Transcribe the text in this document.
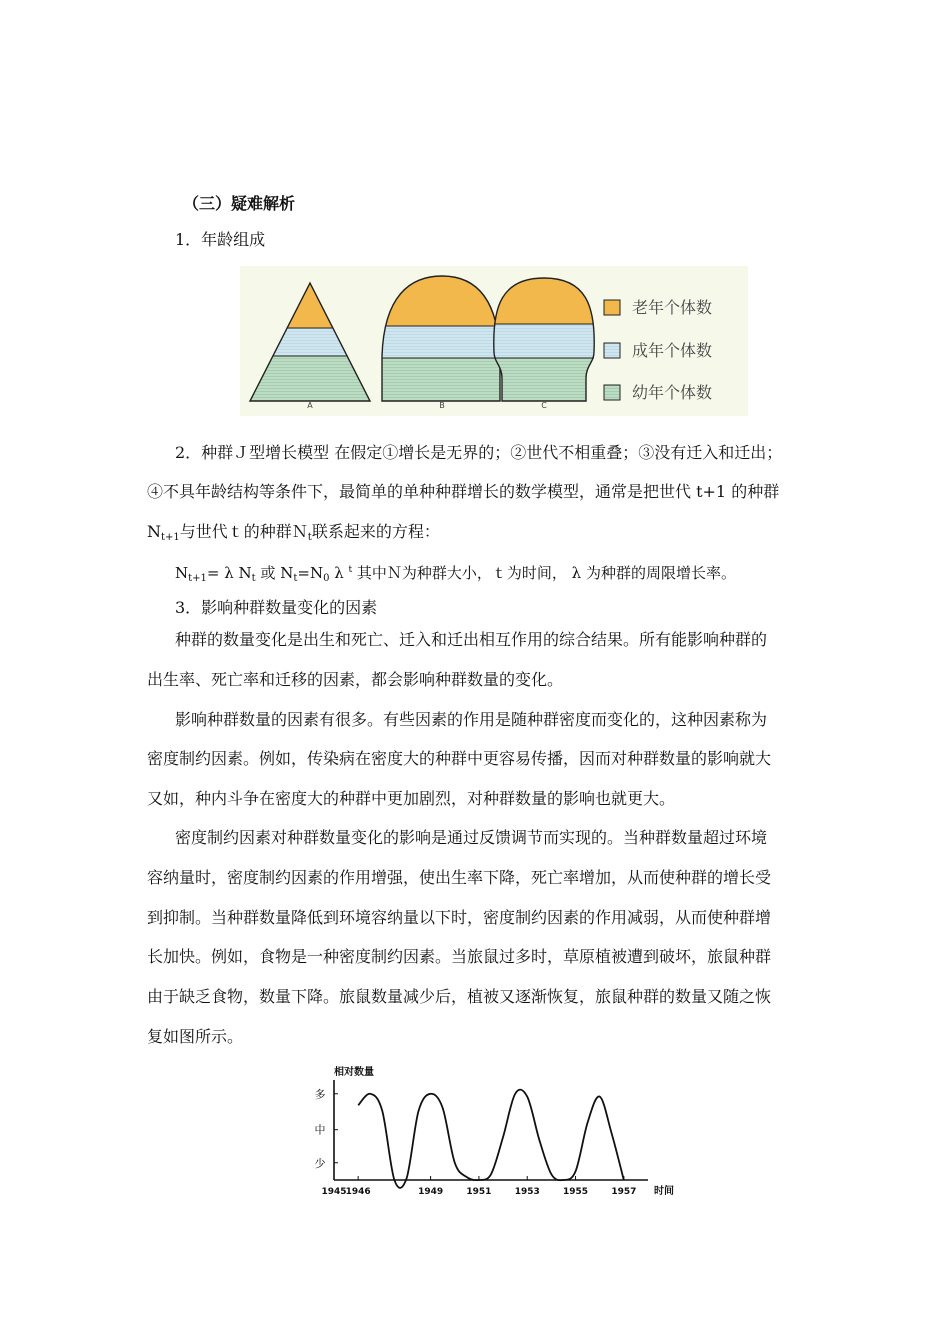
（三）疑难解析
1．年龄组成
A	B	C
老年个体数
成年个体数
幼年个体数
2．种群Ｊ型增长模型 在假定①增长是无界的；②世代不相重叠；③没有迁入和迁出；
④不具年龄结构等条件下，最简单的单种种群增长的数学模型，通常是把世代 t+1 的种群
$N_{t+1}$与世代ｔ的种群Ｎ$_t$联系起来的方程：
$N_{t+1}= \lambda$ $N_t$ 或 $N_t=N_0$ λ $^t$ 其中Ｎ为种群大小，ｔ为时间， λ 为种群的周限增长率。
3．影响种群数量变化的因素
种群的数量变化是出生和死亡、迁入和迁出相互作用的综合结果。所有能影响种群的
出生率、死亡率和迁移的因素，都会影响种群数量的变化。
影响种群数量的因素有很多。有些因素的作用是随种群密度而变化的，这种因素称为
密度制约因素。例如，传染病在密度大的种群中更容易传播，因而对种群数量的影响就大
又如，种内斗争在密度大的种群中更加剧烈，对种群数量的影响也就更大。
密度制约因素对种群数量变化的影响是通过反馈调节而实现的。当种群数量超过环境
容纳量时，密度制约因素的作用增强，使出生率下降，死亡率增加，从而使种群的增长受
到抑制。当种群数量降低到环境容纳量以下时，密度制约因素的作用减弱，从而使种群增
长加快。例如，食物是一种密度制约因素。当旅鼠过多时，草原植被遭到破坏，旅鼠种群
由于缺乏食物，数量下降。旅鼠数量减少后，植被又逐渐恢复，旅鼠种群的数量又随之恢
复如图所示。
相对数量
时间
多
中
少
1945 1946	1949	1951	1953	1955	1957
